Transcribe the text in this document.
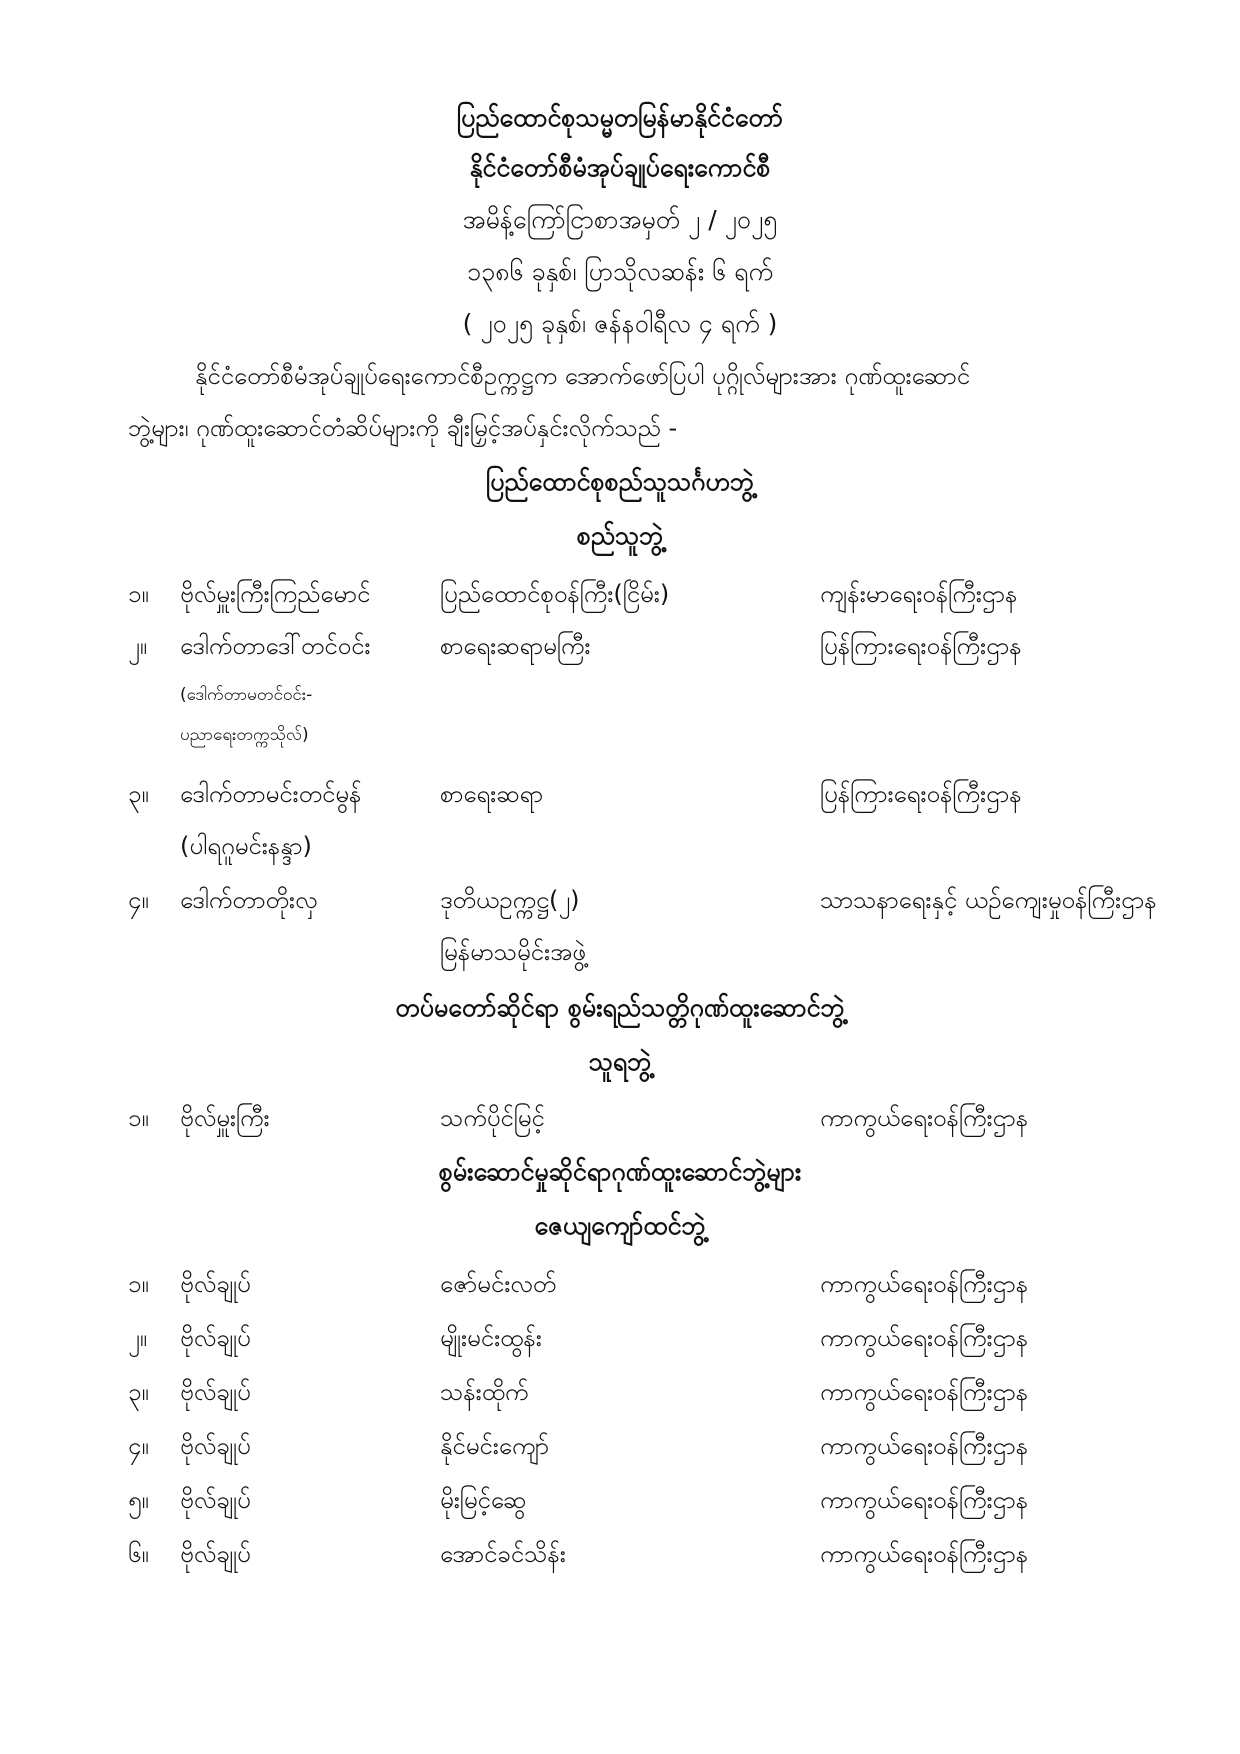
ပြည်ထောင်စုသမ္မတမြန်မာနိုင်ငံတော်
နိုင်ငံတော်စီမံအုပ်ချုပ်ရေးကောင်စီ
အမိန့်ကြော်ငြာစာအမှတ် ၂ / ၂၀၂၅
၁၃၈၆ ခုနှစ်၊ ပြာသိုလဆန်း ၆ ရက်
( ၂၀၂၅ ခုနှစ်၊ ဇန်နဝါရီလ ၄ ရက် )
နိုင်ငံတော်စီမံအုပ်ချုပ်ရေးကောင်စီဥက္ကဋ္ဌက အောက်ဖော်ပြပါ ပုဂ္ဂိုလ်များအား ဂုဏ်ထူးဆောင်
ဘွဲ့များ၊ ဂုဏ်ထူးဆောင်တံဆိပ်များကို ချီးမြှင့်အပ်နှင်းလိုက်သည် -
ပြည်ထောင်စုစည်သူသင်္ဂဟဘွဲ့
စည်သူဘွဲ့
၁။ ဗိုလ်မှူးကြီးကြည်မောင်	ပြည်ထောင်စုဝန်ကြီး(ငြိမ်း)	ကျန်းမာရေးဝန်ကြီးဌာန
၂။ ဒေါက်တာဒေါ်တင်ဝင်း	စာရေးဆရာမကြီး	ပြန်ကြားရေးဝန်ကြီးဌာန
(ဒေါက်တာမတင်ဝင်း-
ပညာရေးတက္ကသိုလ်)
၃။ ဒေါက်တာမင်းတင်မွန်	စာရေးဆရာ	ပြန်ကြားရေးဝန်ကြီးဌာန
(ပါရဂူမင်းနန္ဒာ)
၄။ ဒေါက်တာတိုးလှ	ဒုတိယဥက္ကဋ္ဌ(၂)	သာသနာရေးနှင့် ယဉ်ကျေးမှုဝန်ကြီးဌာန
မြန်မာသမိုင်းအဖွဲ့
တပ်မတော်ဆိုင်ရာ စွမ်းရည်သတ္တိဂုဏ်ထူးဆောင်ဘွဲ့
သူရဘွဲ့
၁။ ဗိုလ်မှူးကြီး	သက်ပိုင်မြင့်	ကာကွယ်ရေးဝန်ကြီးဌာန
စွမ်းဆောင်မှုဆိုင်ရာဂုဏ်ထူးဆောင်ဘွဲ့များ
ဇေယျကျော်ထင်ဘွဲ့
၁။ ဗိုလ်ချုပ်	ဇော်မင်းလတ်	ကာကွယ်ရေးဝန်ကြီးဌာန
၂။ ဗိုလ်ချုပ်	မျိုးမင်းထွန်း	ကာကွယ်ရေးဝန်ကြီးဌာန
၃။ ဗိုလ်ချုပ်	သန်းထိုက်	ကာကွယ်ရေးဝန်ကြီးဌာန
၄။ ဗိုလ်ချုပ်	နိုင်မင်းကျော်	ကာကွယ်ရေးဝန်ကြီးဌာန
၅။ ဗိုလ်ချုပ်	မိုးမြင့်ဆွေ	ကာကွယ်ရေးဝန်ကြီးဌာန
၆။ ဗိုလ်ချုပ်	အောင်ခင်သိန်း	ကာကွယ်ရေးဝန်ကြီးဌာန
